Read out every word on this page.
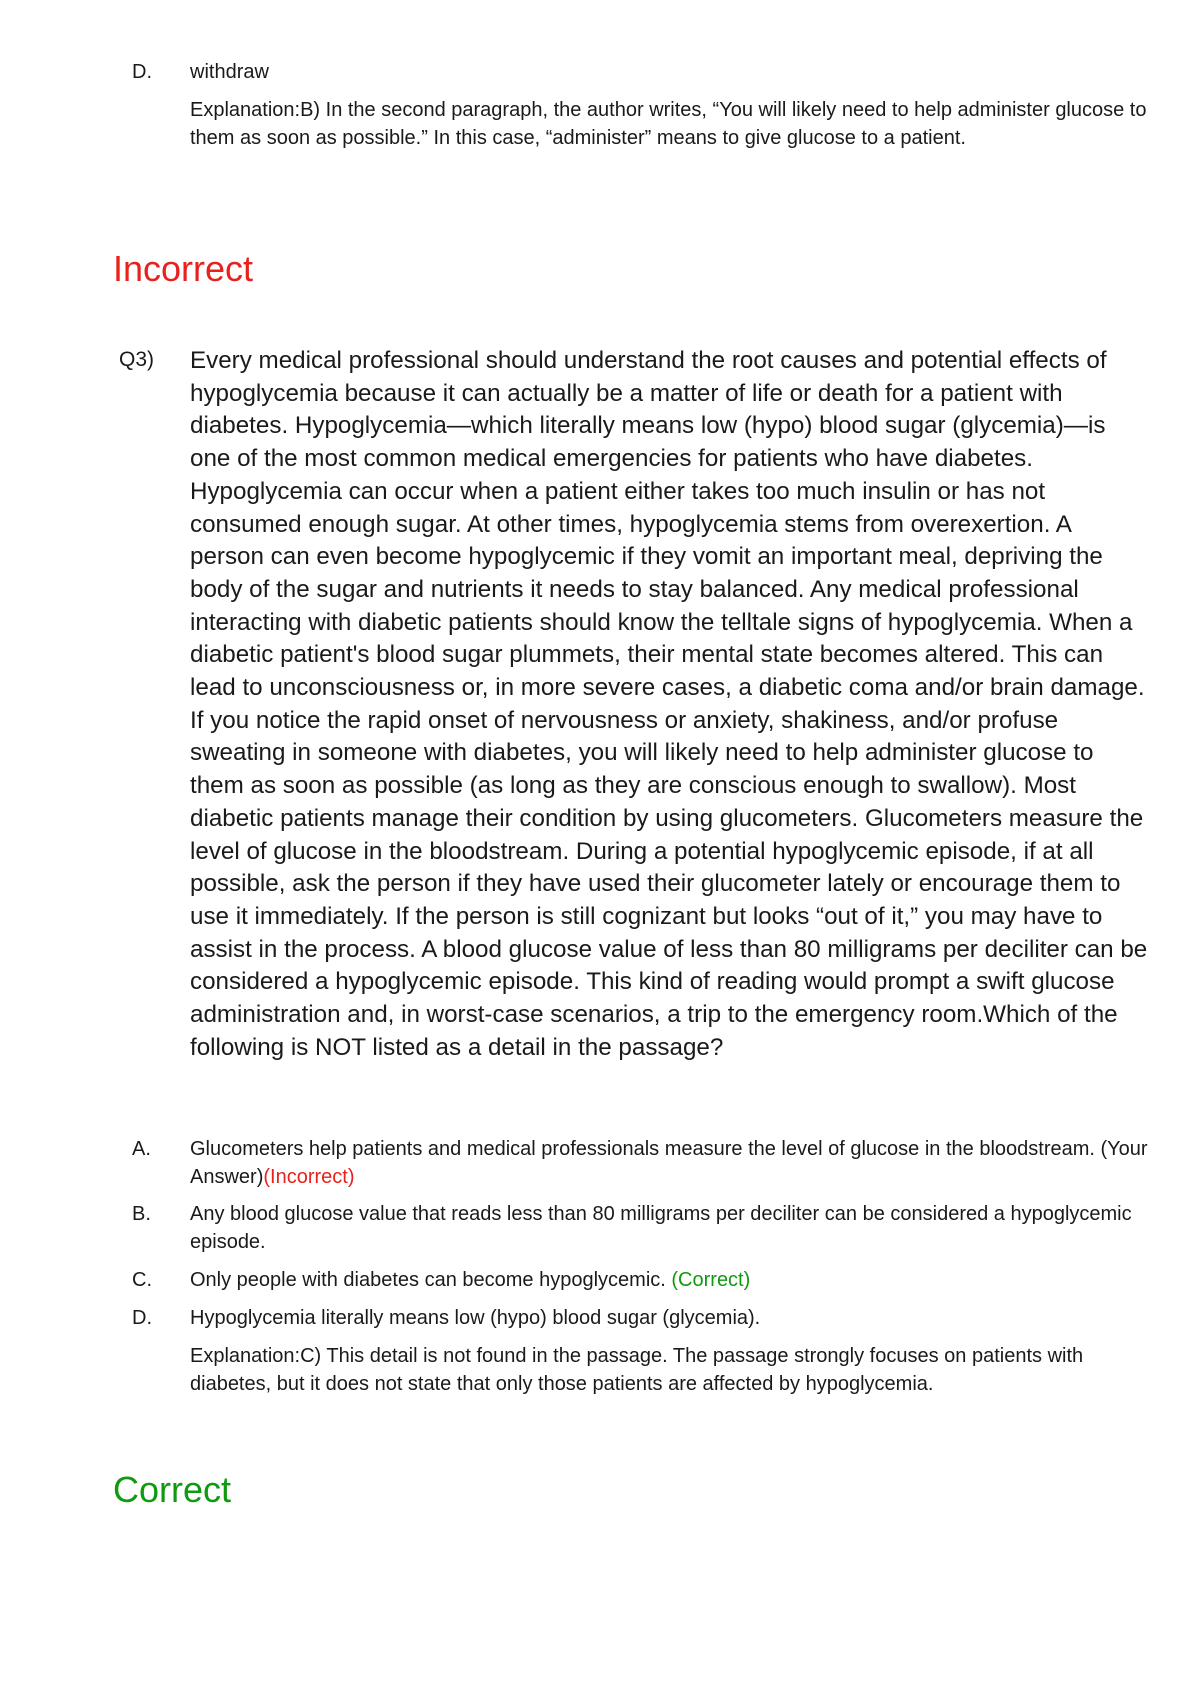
D. withdraw
Explanation:B) In the second paragraph, the author writes, “You will likely need to help administer glucose to them as soon as possible.” In this case, “administer” means to give glucose to a patient.
Incorrect
Q3) Every medical professional should understand the root causes and potential effects of hypoglycemia because it can actually be a matter of life or death for a patient with diabetes. Hypoglycemia—which literally means low (hypo) blood sugar (glycemia)—is one of the most common medical emergencies for patients who have diabetes. Hypoglycemia can occur when a patient either takes too much insulin or has not consumed enough sugar. At other times, hypoglycemia stems from overexertion. A person can even become hypoglycemic if they vomit an important meal, depriving the body of the sugar and nutrients it needs to stay balanced. Any medical professional interacting with diabetic patients should know the telltale signs of hypoglycemia. When a diabetic patient's blood sugar plummets, their mental state becomes altered. This can lead to unconsciousness or, in more severe cases, a diabetic coma and/or brain damage. If you notice the rapid onset of nervousness or anxiety, shakiness, and/or profuse sweating in someone with diabetes, you will likely need to help administer glucose to them as soon as possible (as long as they are conscious enough to swallow). Most diabetic patients manage their condition by using glucometers. Glucometers measure the level of glucose in the bloodstream. During a potential hypoglycemic episode, if at all possible, ask the person if they have used their glucometer lately or encourage them to use it immediately. If the person is still cognizant but looks “out of it,” you may have to assist in the process. A blood glucose value of less than 80 milligrams per deciliter can be considered a hypoglycemic episode. This kind of reading would prompt a swift glucose administration and, in worst-case scenarios, a trip to the emergency room.Which of the following is NOT listed as a detail in the passage?
A. Glucometers help patients and medical professionals measure the level of glucose in the bloodstream. (Your Answer)(Incorrect)
B. Any blood glucose value that reads less than 80 milligrams per deciliter can be considered a hypoglycemic episode.
C. Only people with diabetes can become hypoglycemic. (Correct)
D. Hypoglycemia literally means low (hypo) blood sugar (glycemia).
Explanation:C) This detail is not found in the passage. The passage strongly focuses on patients with diabetes, but it does not state that only those patients are affected by hypoglycemia.
Correct
